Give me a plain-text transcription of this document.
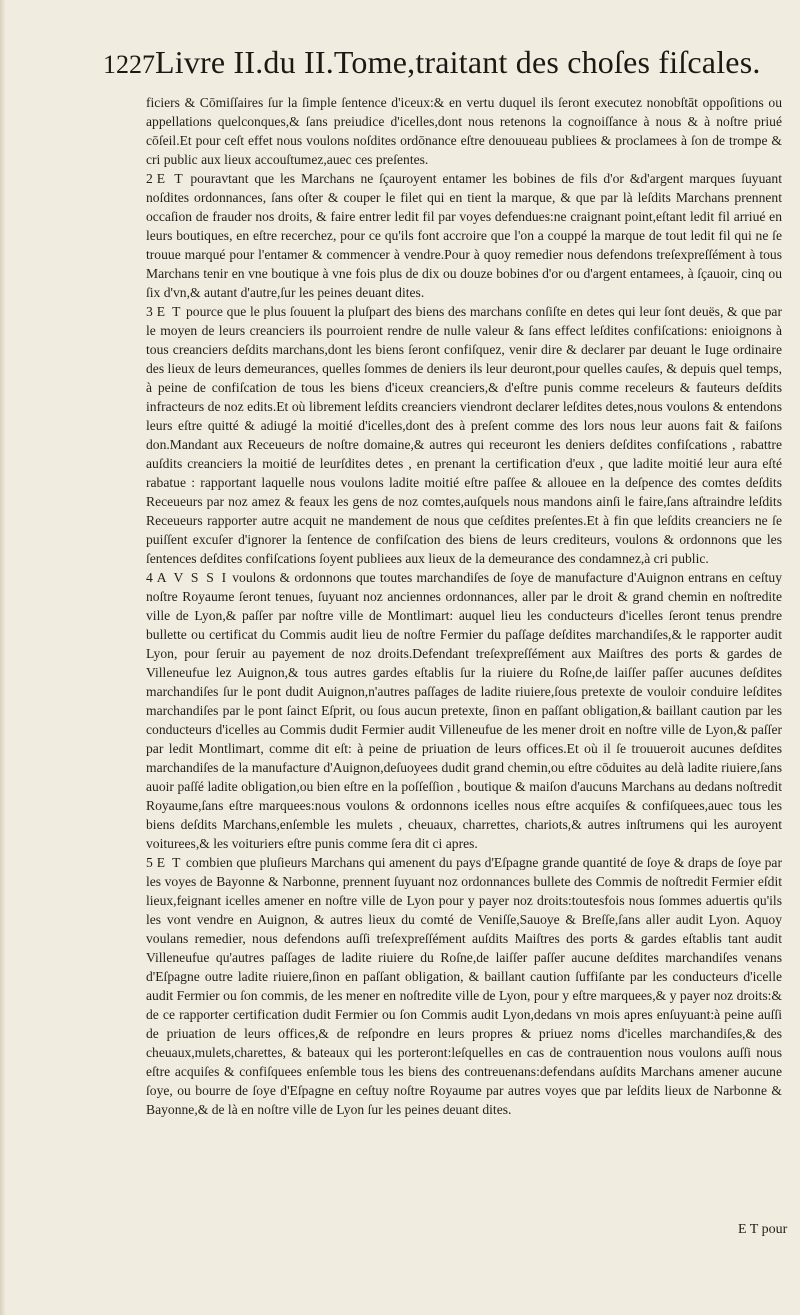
1227 Livre II.du II.Tome,traitant des choſes fiſcales.

ficiers & Cōmiſſaires ſur la ſimple ſentence d'iceux:& en vertu duquel ils ſeront executez nonobſtāt oppoſitions ou appellations quelconques,& ſans preiudice d'icelles,dont nous retenons la cognoiſſance à nous & à noſtre priué cōſeil.Et pour ceſt effet nous voulons noſdites ordōnance eſtre denouueau publiees & proclamees à ſon de trompe & cri public aux lieux accouſtumez,auec ces preſentes.

2 E T pouravtant que les Marchans ne ſçauroyent entamer les bobines de fils d'or &d'argent marques ſuyuant noſdites ordonnances, ſans oſter & couper le filet qui en tient la marque, & que par là leſdits Marchans prennent occaſion de frauder nos droits, & faire entrer ledit fil par voyes defendues:ne craignant point,eſtant ledit fil arriué en leurs boutiques, en eſtre recerchez, pour ce qu'ils font accroire que l'on a couppé la marque de tout ledit fil qui ne ſe trouue marqué pour l'entamer & commencer à vendre.Pour à quoy remedier nous defendons treſexpreſſément à tous Marchans tenir en vne boutique à vne fois plus de dix ou douze bobines d'or ou d'argent entamees, à ſçauoir, cinq ou ſix d'vn,& autant d'autre,ſur les peines deuant dites.

3 E T pource que le plus ſouuent la pluſpart des biens des marchans conſiſte en detes qui leur ſont deuës, & que par le moyen de leurs creanciers ils pourroient rendre de nulle valeur & ſans effect leſdites confiſcations: enioignons à tous creanciers deſdits marchans,dont les biens ſeront confiſquez, venir dire & declarer par deuant le Iuge ordinaire des lieux de leurs demeurances, quelles ſommes de deniers ils leur deuront,pour quelles cauſes, & depuis quel temps, à peine de confiſcation de tous les biens d'iceux creanciers,& d'eſtre punis comme receleurs & fauteurs deſdits infracteurs de noz edits.Et où librement leſdits creanciers viendront declarer leſdites detes,nous voulons & entendons leurs eſtre quitté & adiugé la moitié d'icelles,dont des à preſent comme des lors nous leur auons fait & faiſons don.Mandant aux Receueurs de noſtre domaine,& autres qui receuront les deniers deſdites confiſcations , rabattre auſdits creanciers la moitié de leurſdites detes , en prenant la certification d'eux , que ladite moitié leur aura eſté rabatue : rapportant laquelle nous voulons ladite moitié eſtre paſſee & allouee en la deſpence des comtes deſdits Receueurs par noz amez & feaux les gens de noz comtes,auſquels nous mandons ainſi le faire,ſans aſtraindre leſdits Receueurs rapporter autre acquit ne mandement de nous que ceſdites preſentes.Et à fin que leſdits creanciers ne ſe puiſſent excuſer d'ignorer la ſentence de confiſcation des biens de leurs crediteurs, voulons & ordonnons que les ſentences deſdites confiſcations ſoyent publiees aux lieux de la demeurance des condamnez,à cri public.

4 A V S S I voulons & ordonnons que toutes marchandiſes de ſoye de manufacture d'Auignon entrans en ceſtuy noſtre Royaume ſeront tenues, ſuyuant noz anciennes ordonnances, aller par le droit & grand chemin en noſtredite ville de Lyon,& paſſer par noſtre ville de Montlimart: auquel lieu les conducteurs d'icelles ſeront tenus prendre bullette ou certificat du Commis audit lieu de noſtre Fermier du paſſage deſdites marchandiſes,& le rapporter audit Lyon, pour ſeruir au payement de noz droits.Defendant treſexpreſſément aux Maiſtres des ports & gardes de Villeneufue lez Auignon,& tous autres gardes eſtablis ſur la riuiere du Roſne,de laiſſer paſſer aucunes deſdites marchandiſes ſur le pont dudit Auignon,n'autres paſſages de ladite riuiere,ſous pretexte de vouloir conduire leſdites marchandiſes par le pont ſainct Eſprit, ou ſous aucun pretexte, ſinon en paſſant obligation,& baillant caution par les conducteurs d'icelles au Commis dudit Fermier audit Villeneufue de les mener droit en noſtre ville de Lyon,& paſſer par ledit Montlimart, comme dit eſt: à peine de priuation de leurs offices.Et où il ſe trouueroit aucunes deſdites marchandiſes de la manufacture d'Auignon,deſuoyees dudit grand chemin,ou eſtre cōduites au delà ladite riuiere,ſans auoir paſſé ladite obligation,ou bien eſtre en la poſſeſſion , boutique & maiſon d'aucuns Marchans au dedans noſtredit Royaume,ſans eſtre marquees:nous voulons & ordonnons icelles nous eſtre acquiſes & confiſquees,auec tous les biens deſdits Marchans,enſemble les mulets , cheuaux, charrettes, chariots,& autres inſtrumens qui les auroyent voiturees,& les voituriers eſtre punis comme ſera dit ci apres.

5 E T combien que pluſieurs Marchans qui amenent du pays d'Eſpagne grande quantité de ſoye & draps de ſoye par les voyes de Bayonne & Narbonne, prennent ſuyuant noz ordonnances bullete des Commis de noſtredit Fermier eſdit lieux,feignant icelles amener en noſtre ville de Lyon pour y payer noz droits:toutesfois nous ſommes aduertis qu'ils les vont vendre en Auignon, & autres lieux du comté de Veniſſe,Sauoye & Breſſe,ſans aller audit Lyon. Aquoy voulans remedier, nous defendons auſſi treſexpreſſément auſdits Maiſtres des ports & gardes eſtablis tant audit Villeneufue qu'autres paſſages de ladite riuiere du Roſne,de laiſſer paſſer aucune deſdites marchandiſes venans d'Eſpagne outre ladite riuiere,ſinon en paſſant obligation, & baillant caution ſuffiſante par les conducteurs d'icelle audit Fermier ou ſon commis, de les mener en noſtredite ville de Lyon, pour y eſtre marquees,& y payer noz droits:& de ce rapporter certification dudit Fermier ou ſon Commis audit Lyon,dedans vn mois apres enſuyuant:à peine auſſi de priuation de leurs offices,& de reſpondre en leurs propres & priuez noms d'icelles marchandiſes,& des cheuaux,mulets,charettes, & bateaux qui les porteront:leſquelles en cas de contrauention nous voulons auſſi nous eſtre acquiſes & confiſquees enſemble tous les biens des contreuenans:defendans auſdits Marchans amener aucune ſoye, ou bourre de ſoye d'Eſpagne en ceſtuy noſtre Royaume par autres voyes que par leſdits lieux de Narbonne & Bayonne,& de là en noſtre ville de Lyon ſur les peines deuant dites.

E T pour
